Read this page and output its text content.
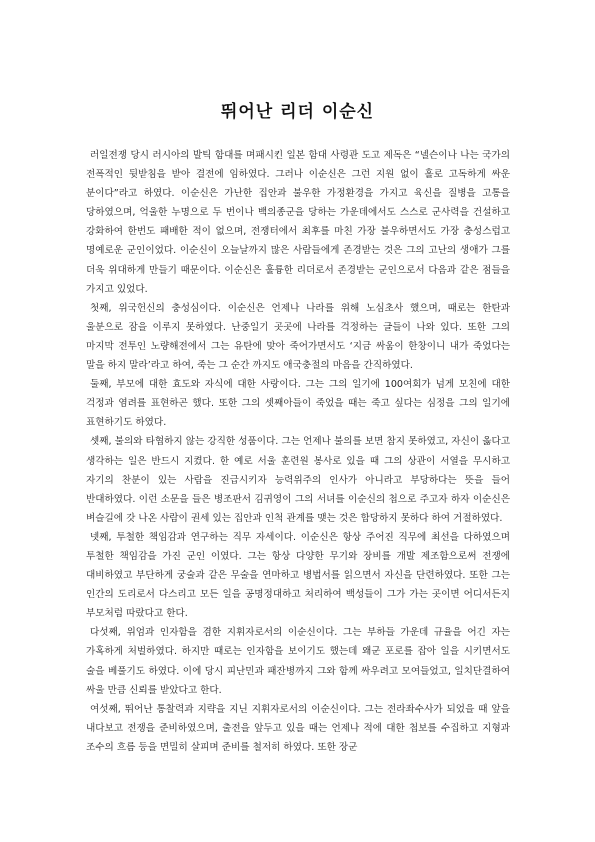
뛰어난 리더 이순신

러일전쟁 당시 러시아의 발틱 함대를 며패시킨 일본 함대 사령관 도고 제독은 “넬슨이나 나는 국가의 전폭적인 뒷받침을 받아 결전에 임하였다. 그러나 이순신은 그런 지원 없이 홀로 고독하게 싸운 분이다”라고 하였다. 이순신은 가난한 집안과 불우한 가정환경을 가지고 육신을 질병을 고통을 당하였으며, 억울한 누명으로 두 번이나 백의종군을 당하는 가운데에서도 스스로 군사력을 건설하고 강화하여 한번도 패배한 적이 없으며, 전쟁터에서 최후를 마친 가장 불우하면서도 가장 충성스럽고 명예로운 군인이었다. 이순신이 오늘날까지 많은 사람들에게 존경받는 것은 그의 고난의 생애가 그를 더욱 위대하게 만들기 때문이다. 이순신은 훌륭한 리더로서 존경받는 군인으로서 다음과 같은 점들을 가지고 있었다.

첫째, 위국헌신의 충성심이다. 이순신은 언제나 나라를 위해 노심초사 했으며, 때로는 한탄과 울분으로 잠을 이루지 못하였다. 난중일기 곳곳에 나라를 걱정하는 글들이 나와 있다. 또한 그의 마지막 전투인 노량해전에서 그는 유탄에 맞아 죽어가면서도 ‘지금 싸움이 한창이니 내가 죽었다는 말을 하지 말라’라고 하여, 죽는 그 순간 까지도 애국충절의 마음을 간직하였다.

둘째, 부모에 대한 효도와 자식에 대한 사랑이다. 그는 그의 일기에 100여회가 넘게 모친에 대한 걱정과 염려를 표현하곤 했다. 또한 그의 셋째아들이 죽었을 때는 죽고 싶다는 심정을 그의 일기에 표현하기도 하였다.

셋째, 불의와 타협하지 않는 강직한 성품이다. 그는 언제나 불의를 보면 참지 못하였고, 자신이 옳다고 생각하는 일은 반드시 지켰다. 한 예로 서울 훈련원 봉사로 있을 때 그의 상관이 서열을 무시하고 자기의 찬분이 있는 사람을 진급시키자 능력위주의 인사가 아니라고 부당하다는 뜻을 들어 반대하였다. 이런 소문을 들은 병조판서 김귀영이 그의 서녀를 이순신의 첩으로 주고자 하자 이순신은 벼슬길에 갓 나온 사람이 권세 있는 집안과 인척 관계를 맺는 것은 합당하지 못하다 하여 거절하였다.

넷째, 투철한 책임감과 연구하는 직무 자세이다. 이순신은 항상 주어진 직무에 최선을 다하였으며 투철한 책임감을 가진 군인 이였다. 그는 항상 다양한 무기와 장비를 개발 제조함으로써 전쟁에 대비하였고 부단하게 궁술과 같은 무술을 연마하고 병법서를 읽으면서 자신을 단련하였다. 또한 그는 인간의 도리로서 다스리고 모든 일을 공명정대하고 처리하여 백성들이 그가 가는 곳이면 어디서든지 부모처럼 따랐다고 한다.

다섯째, 위엄과 인자함을 겸한 지휘자로서의 이순신이다. 그는 부하들 가운데 규율을 어긴 자는 가혹하게 처벌하였다. 하지만 때로는 인자함을 보이기도 했는데 왜군 포로를 잡아 일을 시키면서도 술을 베풀기도 하였다. 이에 당시 피난민과 패잔병까지 그와 함께 싸우려고 모여들었고, 일치단결하여 싸울 만큼 신뢰를 받았다고 한다.

여섯째, 뛰어난 통찰력과 지략을 지닌 지휘자로서의 이순신이다. 그는 전라좌수사가 되었을 때 앞을 내다보고 전쟁을 준비하였으며, 출전을 앞두고 있을 때는 언제나 적에 대한 첩보를 수집하고 지형과 조수의 흐름 등을 면밀히 살피며 준비를 철저히 하였다. 또한 장군
